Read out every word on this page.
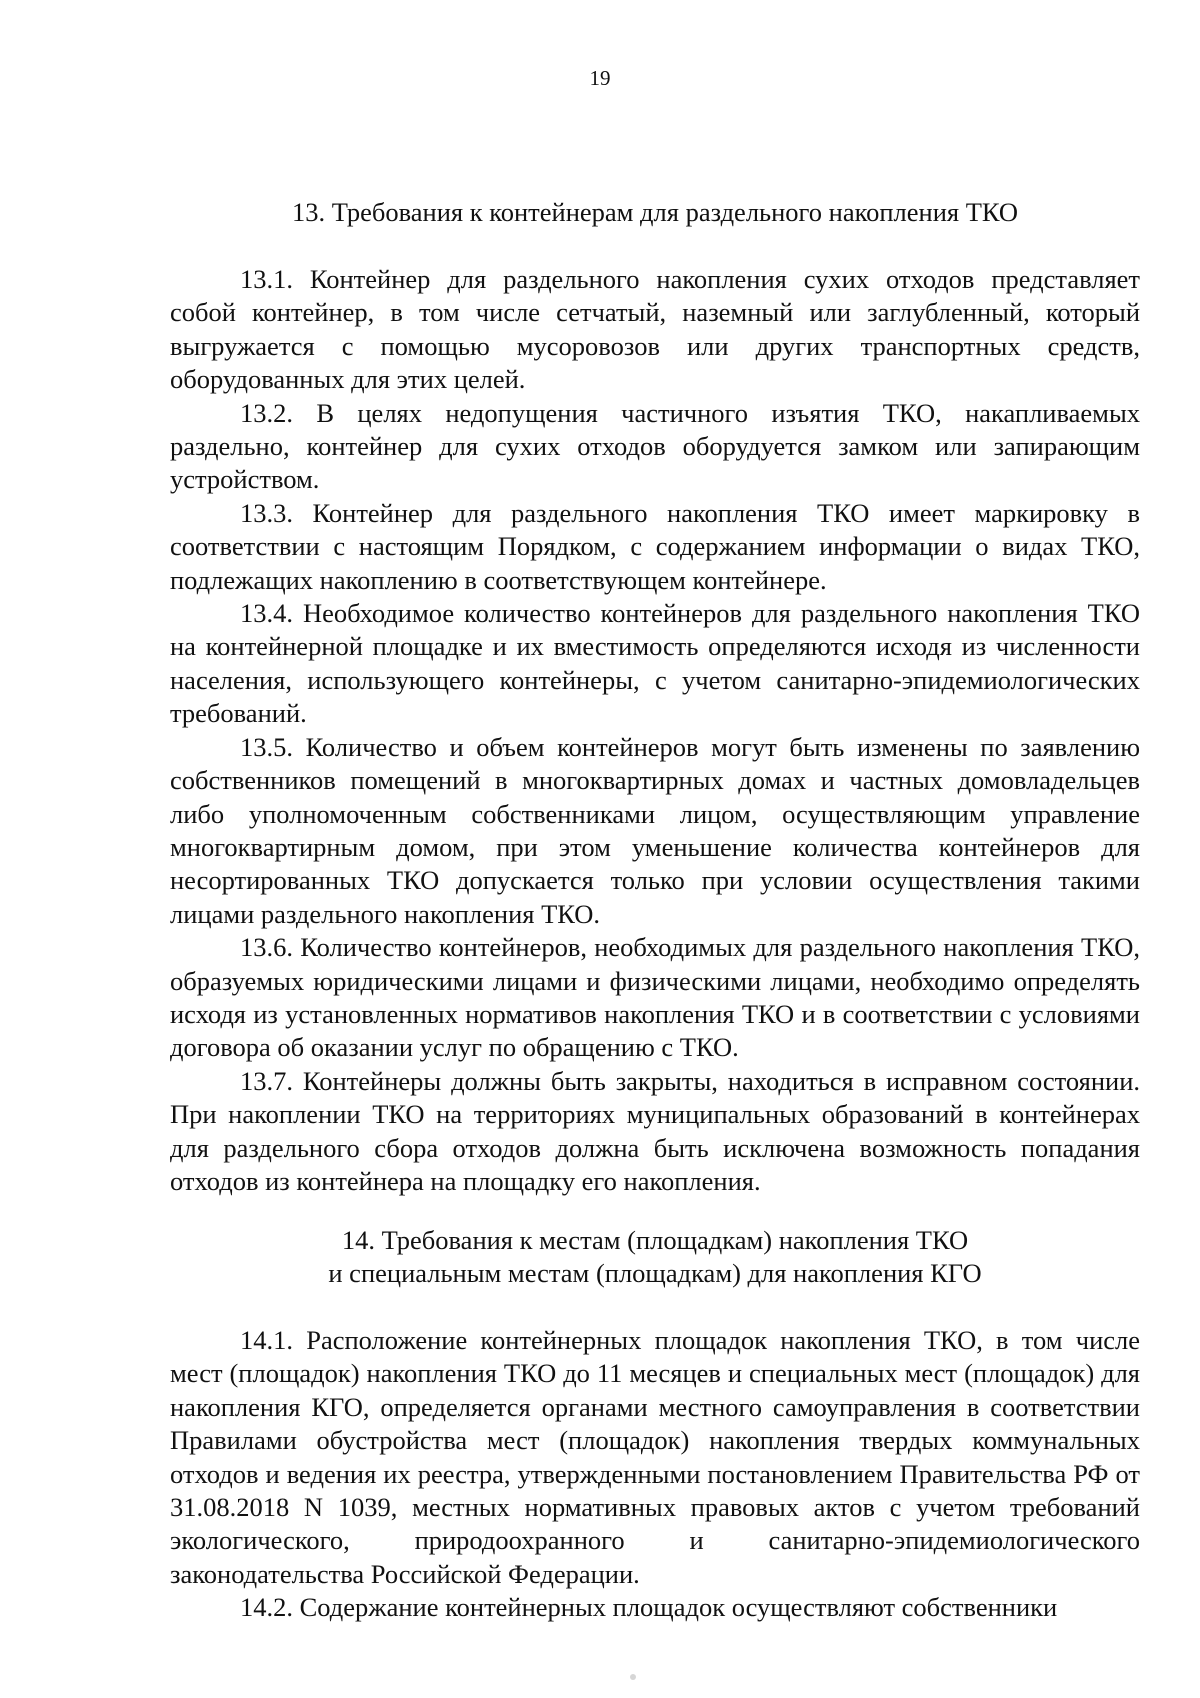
19
13. Требования к контейнерам для раздельного накопления ТКО

13.1. Контейнер для раздельного накопления сухих отходов представляет собой контейнер, в том числе сетчатый, наземный или заглубленный, который выгружается с помощью мусоровозов или других транспортных средств, оборудованных для этих целей.

13.2. В целях недопущения частичного изъятия ТКО, накапливаемых раздельно, контейнер для сухих отходов оборудуется замком или запирающим устройством.

13.3. Контейнер для раздельного накопления ТКО имеет маркировку в соответствии с настоящим Порядком, с содержанием информации о видах ТКО, подлежащих накоплению в соответствующем контейнере.

13.4. Необходимое количество контейнеров для раздельного накопления ТКО на контейнерной площадке и их вместимость определяются исходя из численности населения, использующего контейнеры, с учетом санитарно-эпидемиологических требований.

13.5. Количество и объем контейнеров могут быть изменены по заявлению собственников помещений в многоквартирных домах и частных домовладельцев либо уполномоченным собственниками лицом, осуществляющим управление многоквартирным домом, при этом уменьшение количества контейнеров для несортированных ТКО допускается только при условии осуществления такими лицами раздельного накопления ТКО.

13.6. Количество контейнеров, необходимых для раздельного накопления ТКО, образуемых юридическими лицами и физическими лицами, необходимо определять исходя из установленных нормативов накопления ТКО и в соответствии с условиями договора об оказании услуг по обращению с ТКО.

13.7. Контейнеры должны быть закрыты, находиться в исправном состоянии. При накоплении ТКО на территориях муниципальных образований в контейнерах для раздельного сбора отходов должна быть исключена возможность попадания отходов из контейнера на площадку его накопления.

14. Требования к местам (площадкам) накопления ТКО
и специальным местам (площадкам) для накопления КГО

14.1. Расположение контейнерных площадок накопления ТКО, в том числе мест (площадок) накопления ТКО до 11 месяцев и специальных мест (площадок) для накопления КГО, определяется органами местного самоуправления в соответствии Правилами обустройства мест (площадок) накопления твердых коммунальных отходов и ведения их реестра, утвержденными постановлением Правительства РФ от 31.08.2018 N 1039, местных нормативных правовых актов с учетом требований экологического, природоохранного и санитарно-эпидемиологического законодательства Российской Федерации.

14.2. Содержание контейнерных площадок осуществляют собственники
